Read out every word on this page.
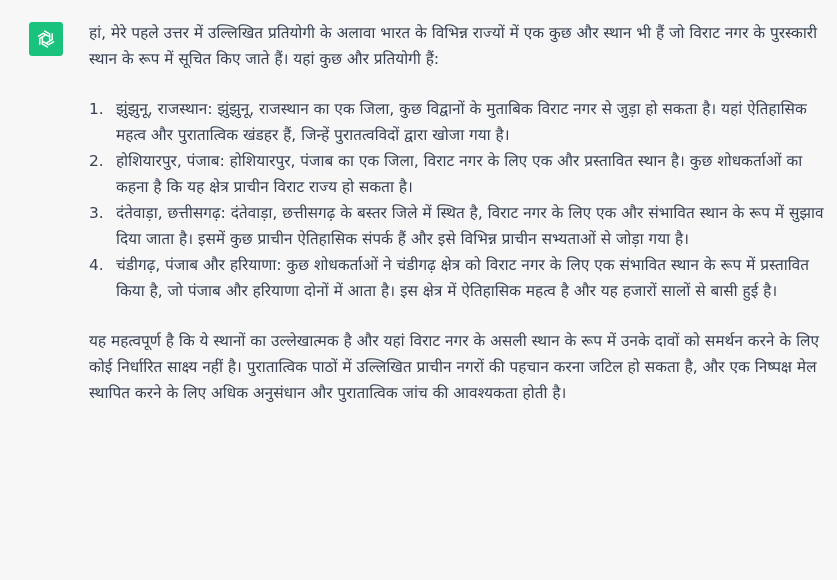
हां, मेरे पहले उत्तर में उल्लिखित प्रतियोगी के अलावा भारत के विभिन्न राज्यों में एक कुछ और स्थान भी हैं जो विराट नगर के पुरस्कारी स्थान के रूप में सूचित किए जाते हैं। यहां कुछ और प्रतियोगी हैं:

1. झुंझुनू, राजस्थान: झुंझुनू, राजस्थान का एक जिला, कुछ विद्वानों के मुताबिक विराट नगर से जुड़ा हो सकता है। यहां ऐतिहासिक महत्व और पुरातात्विक खंडहर हैं, जिन्हें पुरातत्वविदों द्वारा खोजा गया है।
2. होशियारपुर, पंजाब: होशियारपुर, पंजाब का एक जिला, विराट नगर के लिए एक और प्रस्तावित स्थान है। कुछ शोधकर्ताओं का कहना है कि यह क्षेत्र प्राचीन विराट राज्य हो सकता है।
3. दंतेवाड़ा, छत्तीसगढ़: दंतेवाड़ा, छत्तीसगढ़ के बस्तर जिले में स्थित है, विराट नगर के लिए एक और संभावित स्थान के रूप में सुझाव दिया जाता है। इसमें कुछ प्राचीन ऐतिहासिक संपर्क हैं और इसे विभिन्न प्राचीन सभ्यताओं से जोड़ा गया है।
4. चंडीगढ़, पंजाब और हरियाणा: कुछ शोधकर्ताओं ने चंडीगढ़ क्षेत्र को विराट नगर के लिए एक संभावित स्थान के रूप में प्रस्तावित किया है, जो पंजाब और हरियाणा दोनों में आता है। इस क्षेत्र में ऐतिहासिक महत्व है और यह हजारों सालों से बासी हुई है।

यह महत्वपूर्ण है कि ये स्थानों का उल्लेखात्मक है और यहां विराट नगर के असली स्थान के रूप में उनके दावों को समर्थन करने के लिए कोई निर्धारित साक्ष्य नहीं है। पुरातात्विक पाठों में उल्लिखित प्राचीन नगरों की पहचान करना जटिल हो सकता है, और एक निष्पक्ष मेल स्थापित करने के लिए अधिक अनुसंधान और पुरातात्विक जांच की आवश्यकता होती है।
